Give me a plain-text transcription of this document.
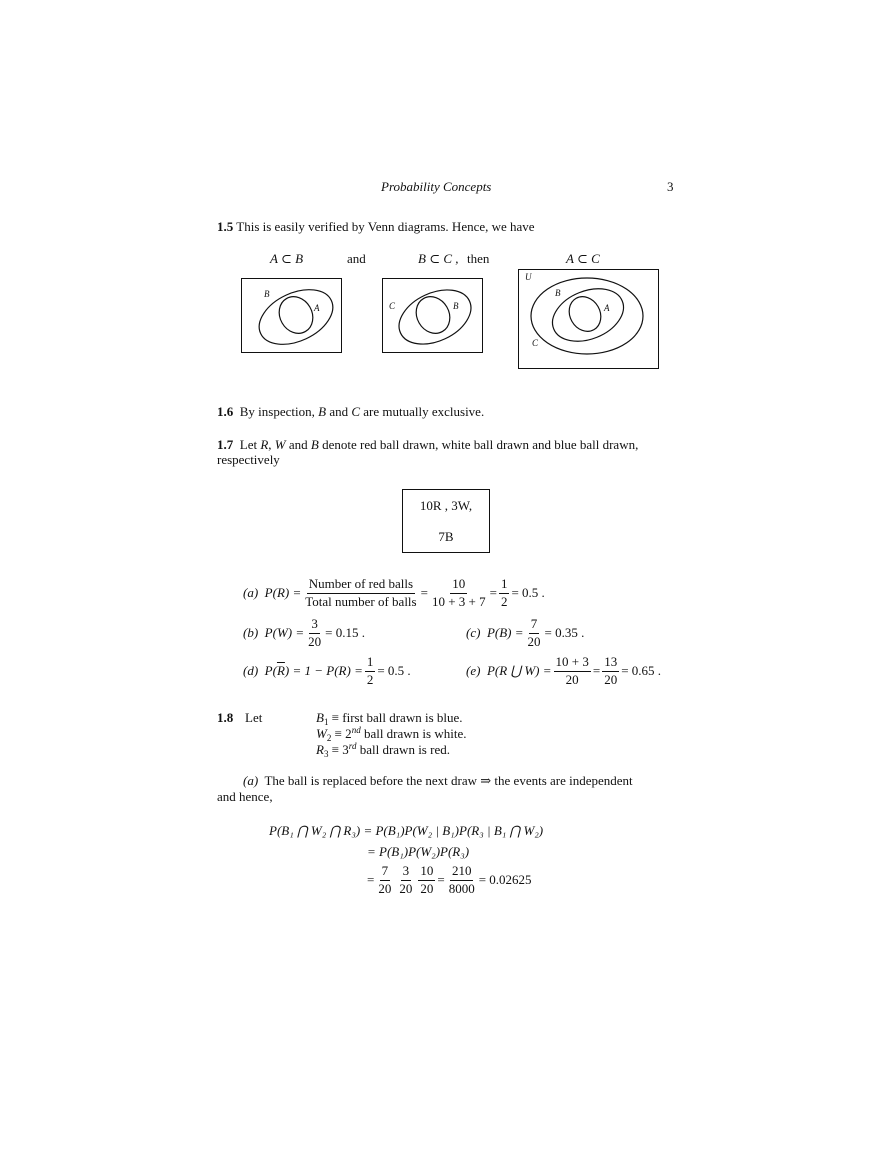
Probability Concepts	3
1.5 This is easily verified by Venn diagrams. Hence, we have
A ⊂ B	and	B ⊂ C , then	A ⊂ C
B
A	C	B
U
B
A
C
1.6 By inspection, B and C are mutually exclusive.
1.7 Let R, W and B denote red ball drawn, white ball drawn and blue ball drawn,
respectively
10R , 3W,
7B
(a)
$P(R) = \frac{\text{Number of red balls}}{\text{Total number of balls}} = \frac{10}{10 + 3 + 7} = \frac{1}{2} = 0.5$ .
(b)
$P(W) = \frac{3}{20} = 0.15$ .	(c)
$P(B) = \frac{7}{20} = 0.35$ .
(d)
P( $\overline{R}$ ) = $1 - P(R) = \frac{1}{2} = 0.5$ .	(e)
P(R ⋃ $W) = \frac{10 + 3}{20} = \frac{13}{20} = 0.65$ .
1.8 Let	$B_1$ ≡ first ball drawn is blue.
$W_2 \equiv 2nd$ ball drawn is white.
$R_3 \equiv 3rd$ ball drawn is red.
(a) The ball is replaced before the next draw ⇒ the events are independent
and hence,
P(B₁ ⋂ W₂ ⋂ R₃) = P(B₁)P(W₂ | B₁)P(R₃ | B₁ ⋂ W₂)
= P(B₁)P(W₂)P(R₃)
= $\frac{7}{20} \frac{3}{20} \frac{10}{20} = \frac{210}{8000} = 0.02625$
